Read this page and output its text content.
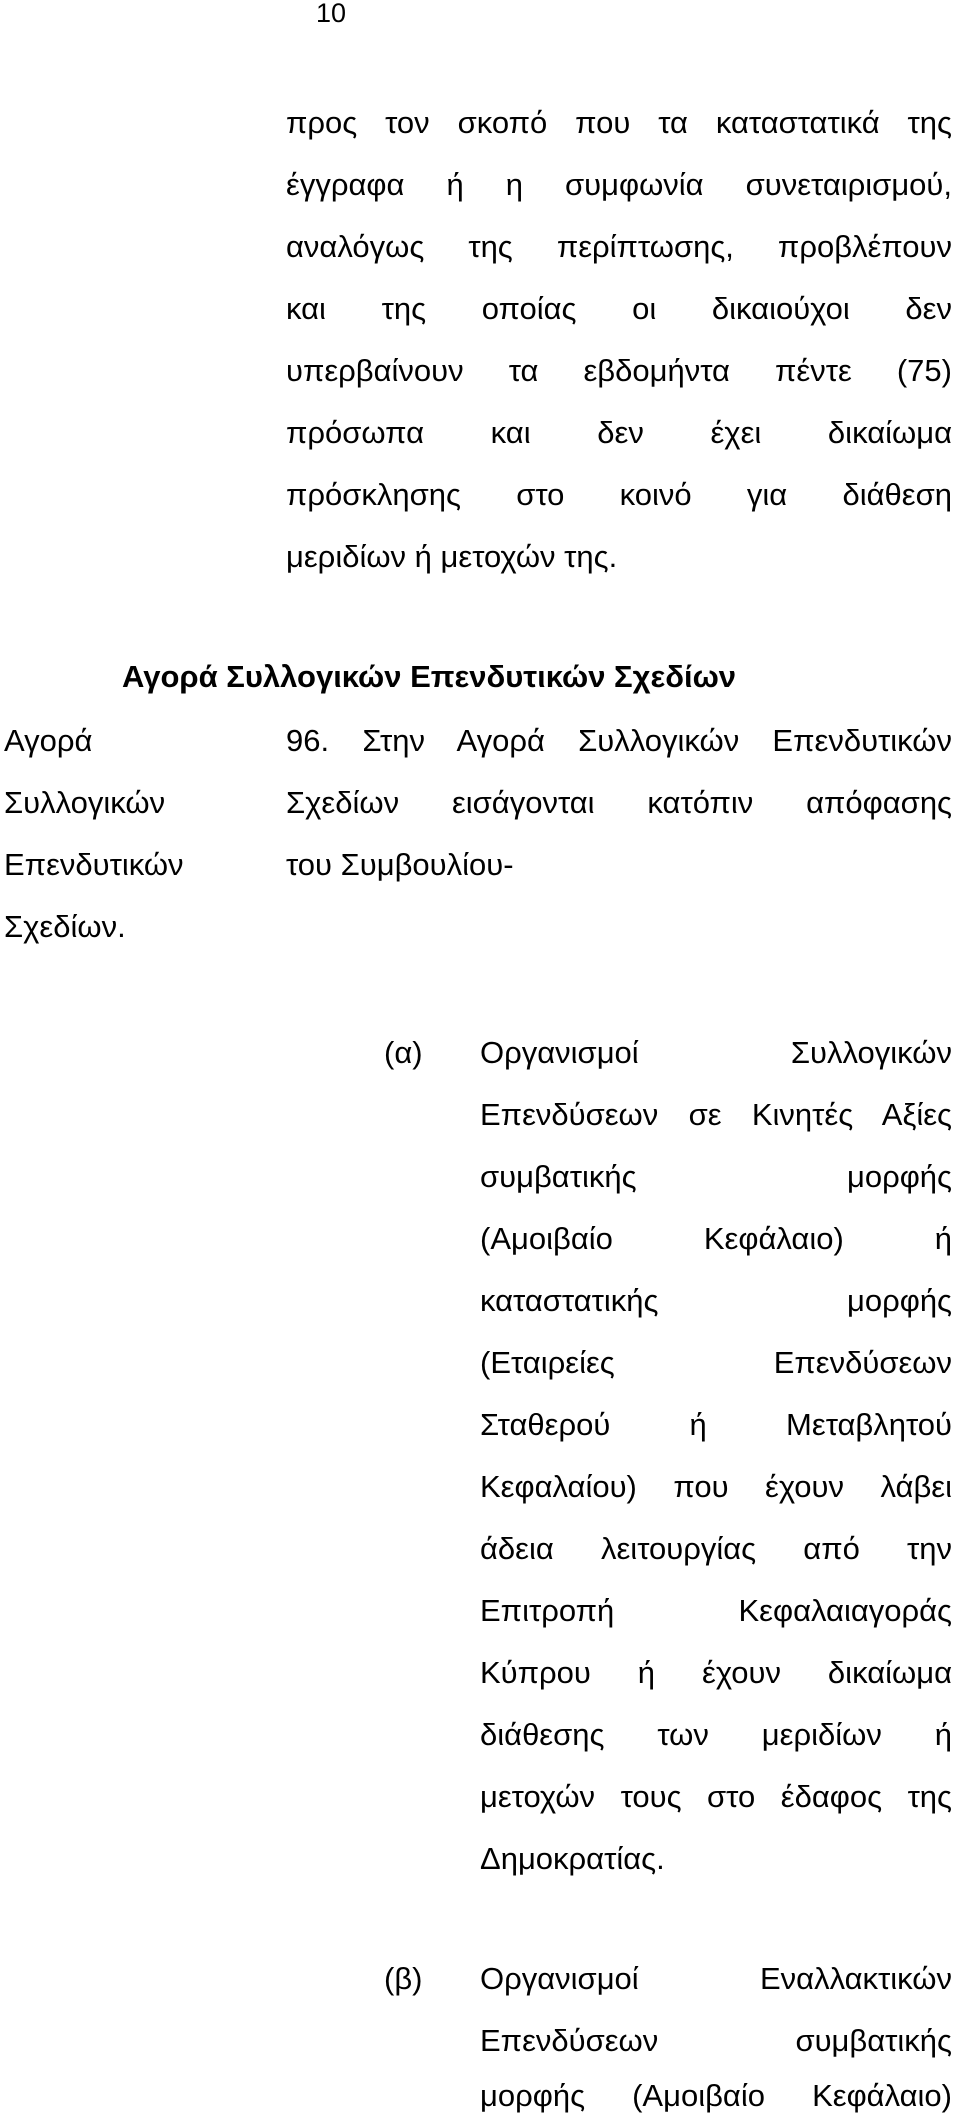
10
προς τον σκοπό που τα καταστατικά της
έγγραφα ή η συμφωνία συνεταιρισμού,
αναλόγως της περίπτωσης, προβλέπουν
και της οποίας οι δικαιούχοι δεν
υπερβαίνουν τα εβδομήντα πέντε (75)
πρόσωπα και δεν έχει δικαίωμα
πρόσκλησης στο κοινό για διάθεση
μεριδίων ή μετοχών της.
Αγορά Συλλογικών Επενδυτικών Σχεδίων
Αγορά
Συλλογικών
Επενδυτικών
Σχεδίων.
96. Στην Αγορά Συλλογικών Επενδυτικών
Σχεδίων εισάγονται κατόπιν απόφασης
του Συμβουλίου-
(α) Οργανισμοί Συλλογικών
Επενδύσεων σε Κινητές Αξίες
συμβατικής μορφής
(Αμοιβαίο Κεφάλαιο) ή
καταστατικής μορφής
(Εταιρείες Επενδύσεων
Σταθερού ή Μεταβλητού
Κεφαλαίου) που έχουν λάβει
άδεια λειτουργίας από την
Επιτροπή Κεφαλαιαγοράς
Κύπρου ή έχουν δικαίωμα
διάθεσης των μεριδίων ή
μετοχών τους στο έδαφος της
Δημοκρατίας.
(β) Οργανισμοί Εναλλακτικών
Επενδύσεων συμβατικής
μορφής (Αμοιβαίο Κεφάλαιο)
